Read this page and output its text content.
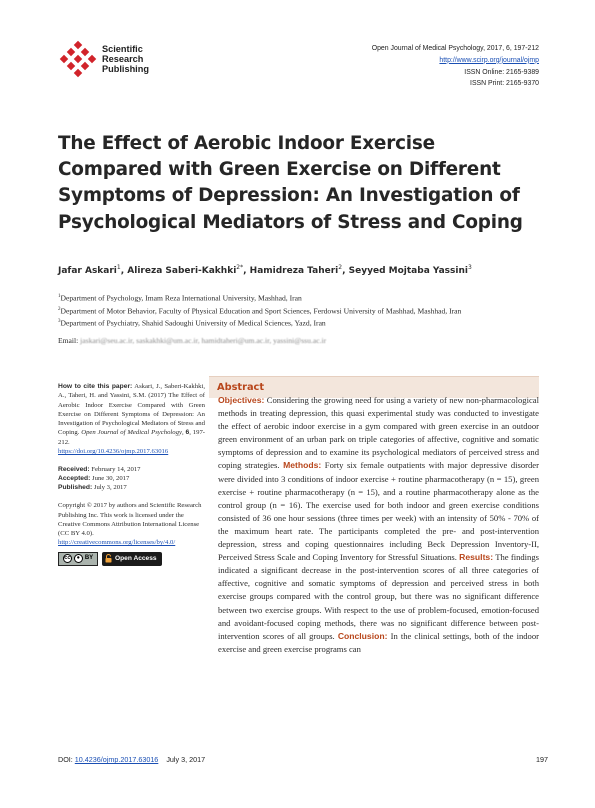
Scientific
Research
Publishing
Open Journal of Medical Psychology, 2017, 6, 197-212
http://www.scirp.org/journal/ojmp
ISSN Online: 2165-9389
ISSN Print: 2165-9370
The Effect of Aerobic Indoor Exercise Compared with Green Exercise on Different Symptoms of Depression: An Investigation of Psychological Mediators of Stress and Coping
Jafar Askari$^1$, Alireza Saberi-Kakhki$^{2*}$, Hamidreza Taheri$^2$, Seyyed Mojtaba Yassini$^3$

$^1$Department of Psychology, Imam Reza International University, Mashhad, Iran

$^2$Department of Motor Behavior, Faculty of Physical Education and Sport Sciences, Ferdowsi University of Mashhad, Mashhad, Iran

$^3$Department of Psychiatry, Shahid Sadoughi University of Medical Sciences, Yazd, Iran

Email: jaskari@seu.ac.ir, saskakhki@um.ac.ir, hamidtaheri@um.ac.ir, yassini@ssu.ac.ir
How to cite this paper: Askari, J., Saberi-Kakhki, A., Taheri, H. and Yassini, S.M. (2017) The Effect of Aerobic Indoor Exercise Compared with Green Exercise on Different Symptoms of Depression: An Investigation of Psychological Mediators of Stress and Coping. Open Journal of Medical Psychology, 6, 197-212.
https://doi.org/10.4236/ojmp.2017.63016
Received: February 14, 2017
Accepted: June 30, 2017
Published: July 3, 2017
Copyright © 2017 by authors and Scientific Research Publishing Inc. This work is licensed under the Creative Commons Attribution International License (CC BY 4.0).
http://creativecommons.org/licenses/by/4.0/
cc	● BY	Open Access
Abstract
Objectives: Considering the growing need for using a variety of new non-pharmacological methods in treating depression, this quasi experimental study was conducted to investigate the effect of aerobic indoor exercise in a gym compared with green exercise in an outdoor green environment of an urban park on triple categories of affective, cognitive and somatic symptoms of depression and to examine its psychological mediators of perceived stress and coping strategies. Methods: Forty six female outpatients with major depressive disorder were divided into 3 conditions of indoor exercise + routine pharmacotherapy (n = 15), green exercise + routine pharmacotherapy (n = 15), and a routine pharmacotherapy alone as the control group (n = 16). The exercise used for both indoor and green exercise conditions consisted of 36 one hour sessions (three times per week) with an intensity of 50% - 70% of the maximum heart rate. The participants completed the pre- and post-intervention depression, stress and coping questionnaires including Beck Depression Inventory-II, Perceived Stress Scale and Coping Inventory for Stressful Situations. Results: The findings indicated a significant decrease in the post-intervention scores of all three categories of affective, cognitive and somatic symptoms of depression and perceived stress in both exercise groups compared with the control group, but there was no significant difference between two exercise groups. With respect to the use of problem-focused, emotion-focused and avoidant-focused coping methods, there was no significant difference between post-intervention scores of all groups. Conclusion: In the clinical settings, both of the indoor exercise and green exercise programs can
DOI: 10.4236/ojmp.2017.63016 July 3, 2017	197
